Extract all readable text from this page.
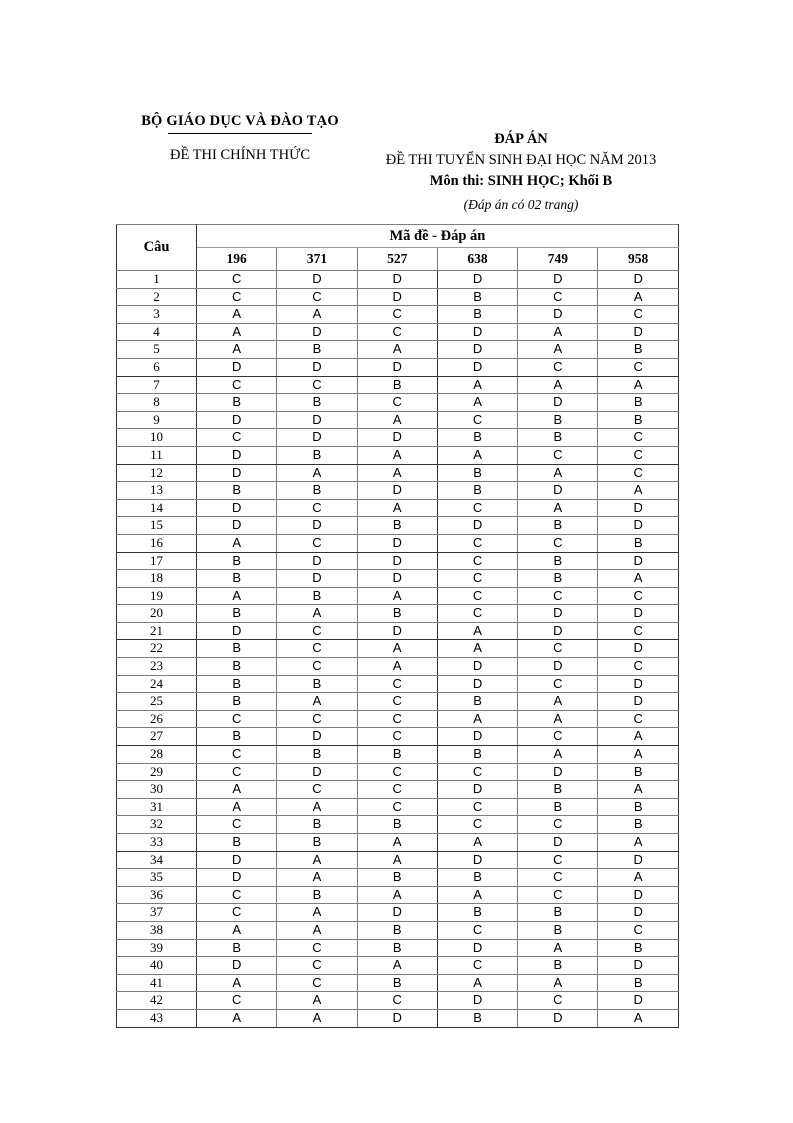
BỘ GIÁO DỤC VÀ ĐÀO TẠO
ĐỀ THI CHÍNH THỨC
ĐÁP ÁN
ĐỀ THI TUYỂN SINH ĐẠI HỌC NĂM 2013
Môn thi: SINH HỌC; Khối B
(Đáp án có 02 trang)
Câu	Mã đề - Đáp án					
	196	371	527	638	749	958
1	C	D	D	D	D	D
2	C	C	D	B	C	A
3	A	A	C	B	D	C
4	A	D	C	D	A	D
5	A	B	A	D	A	B
6	D	D	D	D	C	C
7	C	C	B	A	A	A
8	B	B	C	A	D	B
9	D	D	A	C	B	B
10	C	D	D	B	B	C
11	D	B	A	A	C	C
12	D	A	A	B	A	C
13	B	B	D	B	D	A
14	D	C	A	C	A	D
15	D	D	B	D	B	D
16	A	C	D	C	C	B
17	B	D	D	C	B	D
18	B	D	D	C	B	A
19	A	B	A	C	C	C
20	B	A	B	C	D	D
21	D	C	D	A	D	C
22	B	C	A	A	C	D
23	B	C	A	D	D	C
24	B	B	C	D	C	D
25	B	A	C	B	A	D
26	C	C	C	A	A	C
27	B	D	C	D	C	A
28	C	B	B	B	A	A
29	C	D	C	C	D	B
30	A	C	C	D	B	A
31	A	A	C	C	B	B
32	C	B	B	C	C	B
33	B	B	A	A	D	A
34	D	A	A	D	C	D
35	D	A	B	B	C	A
36	C	B	A	A	C	D
37	C	A	D	B	B	D
38	A	A	B	C	B	C
39	B	C	B	D	A	B
40	D	C	A	C	B	D
41	A	C	B	A	A	B
42	C	A	C	D	C	D
43	A	A	D	B	D	A
